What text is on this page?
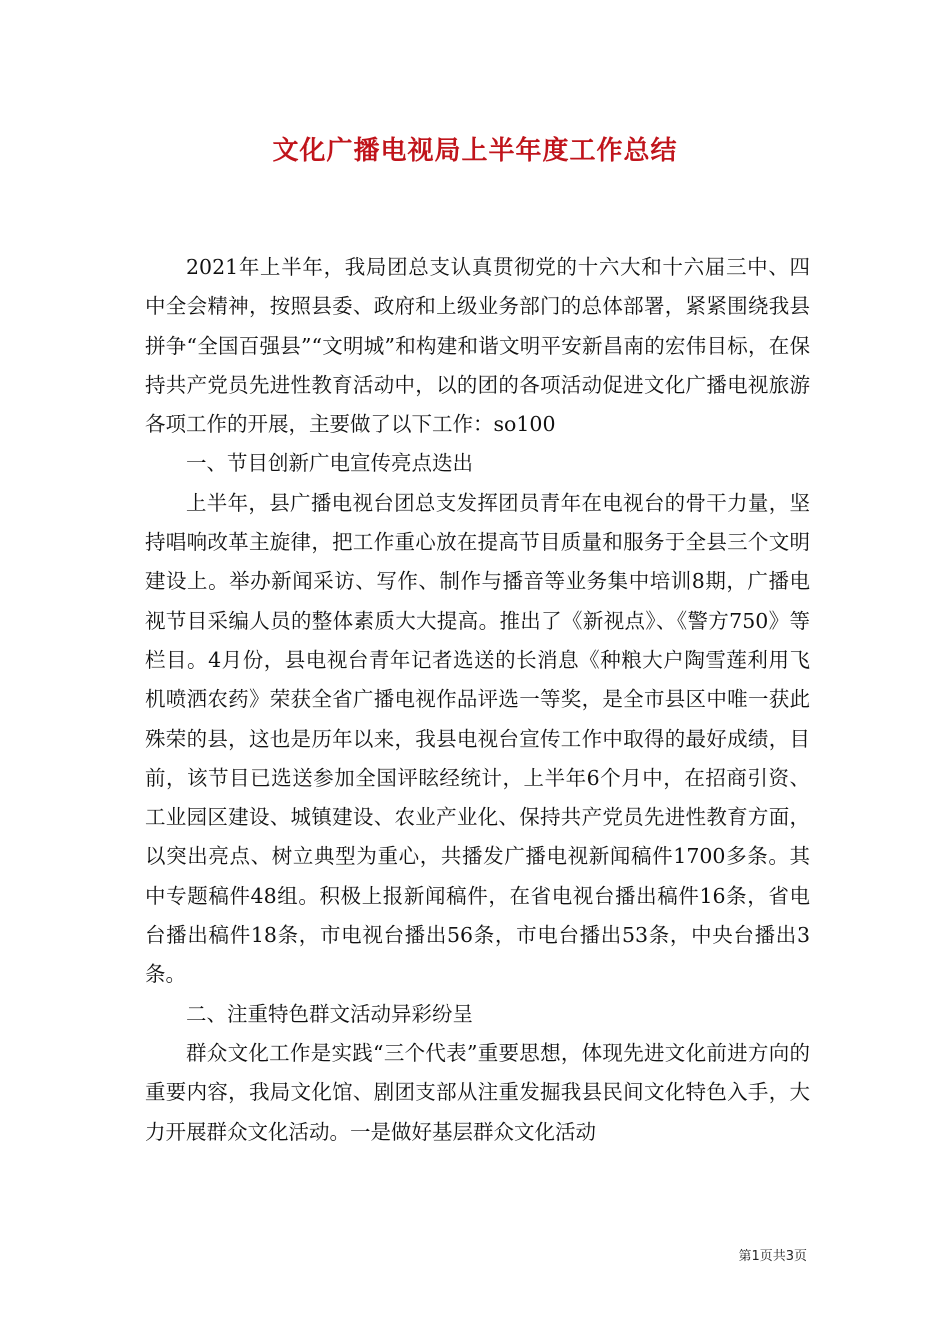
文化广播电视局上半年度工作总结

2021年上半年，我局团总支认真贯彻党的十六大和十六届三中、四中全会精神，按照县委、政府和上级业务部门的总体部署，紧紧围绕我县拼争“全国百强县”“文明城”和构建和谐文明平安新昌南的宏伟目标，在保持共产党员先进性教育活动中，以的团的各项活动促进文化广播电视旅游各项工作的开展，主要做了以下工作：so100

一、节目创新广电宣传亮点迭出

上半年，县广播电视台团总支发挥团员青年在电视台的骨干力量，坚持唱响改革主旋律，把工作重心放在提高节目质量和服务于全县三个文明建设上。举办新闻采访、写作、制作与播音等业务集中培训8期，广播电视节目采编人员的整体素质大大提高。推出了《新视点》、《警方750》等栏目。4月份，县电视台青年记者选送的长消息《种粮大户陶雪莲利用飞机喷洒农药》荣获全省广播电视作品评选一等奖，是全市县区中唯一获此殊荣的县，这也是历年以来，我县电视台宣传工作中取得的最好成绩，目前，该节目已选送参加全国评眩经统计，上半年6个月中，在招商引资、工业园区建设、城镇建设、农业产业化、保持共产党员先进性教育方面，以突出亮点、树立典型为重心，共播发广播电视新闻稿件1700多条。其中专题稿件48组。积极上报新闻稿件，在省电视台播出稿件16条，省电台播出稿件18条，市电视台播出56条，市电台播出53条，中央台播出3条。

二、注重特色群文活动异彩纷呈

群众文化工作是实践“三个代表”重要思想，体现先进文化前进方向的重要内容，我局文化馆、剧团支部从注重发掘我县民间文化特色入手，大力开展群众文化活动。一是做好基层群众文化活动

第1页共3页
